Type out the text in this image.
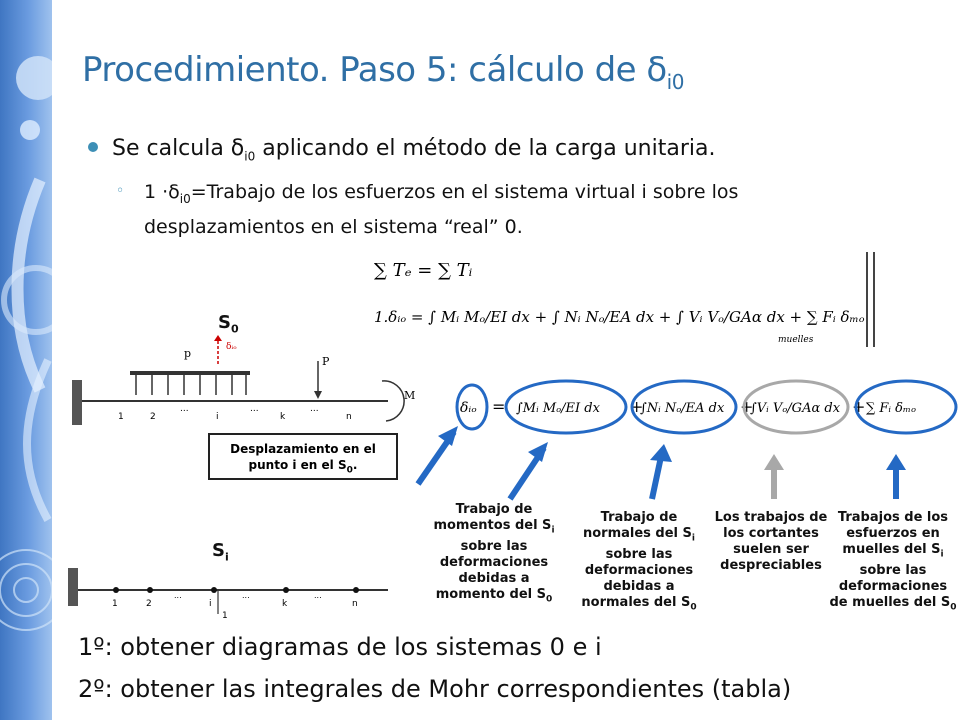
Procedimiento. Paso 5: cálculo de $\delta_{i0}$
Se calcula $\delta_{i0}$ aplicando el método de la carga unitaria.
◦	$1 \cdot\delta_{i0}=Trabajo$ de los esfuerzos en el sistema virtual i sobre los desplazamientos en el sistema “real” 0.
∑ Tₑ = ∑ Tᵢ
1.δᵢₒ = ∫ Mᵢ Mₒ/EI dx + ∫ Nᵢ Nₒ/EA dx + ∫ Vᵢ Vₒ/GAα dx + ∑ Fᵢ δₘₒ
muelles
$S_0$
p	δᵢₒ
P
M
1	2
...
i
...
k
...
n
Desplazamiento en el
punto i en el $S_0$.
$S_i$
1	2
...
i
...
k
...
n
1
δᵢₒ = ∫Mᵢ Mₒ/EI dx +
∫Nᵢ Nₒ/EA dx +
∫Vᵢ Vₒ/GAα dx + ∑ Fᵢ δₘₒ
Trabajo de
momentos del $S_i$
sobre las
deformaciones
debidas a
momento del $S_0$
Trabajo de
normales del $S_i$
sobre las
deformaciones
debidas a
normales del $S_0$
Los trabajos de
los cortantes
suelen ser
despreciables
Trabajos de los
esfuerzos en
muelles del $S_i$
sobre las
deformaciones
de muelles del $S_0$
1º: obtener diagramas de los sistemas 0 e i
2º: obtener las integrales de Mohr correspondientes (tabla)
